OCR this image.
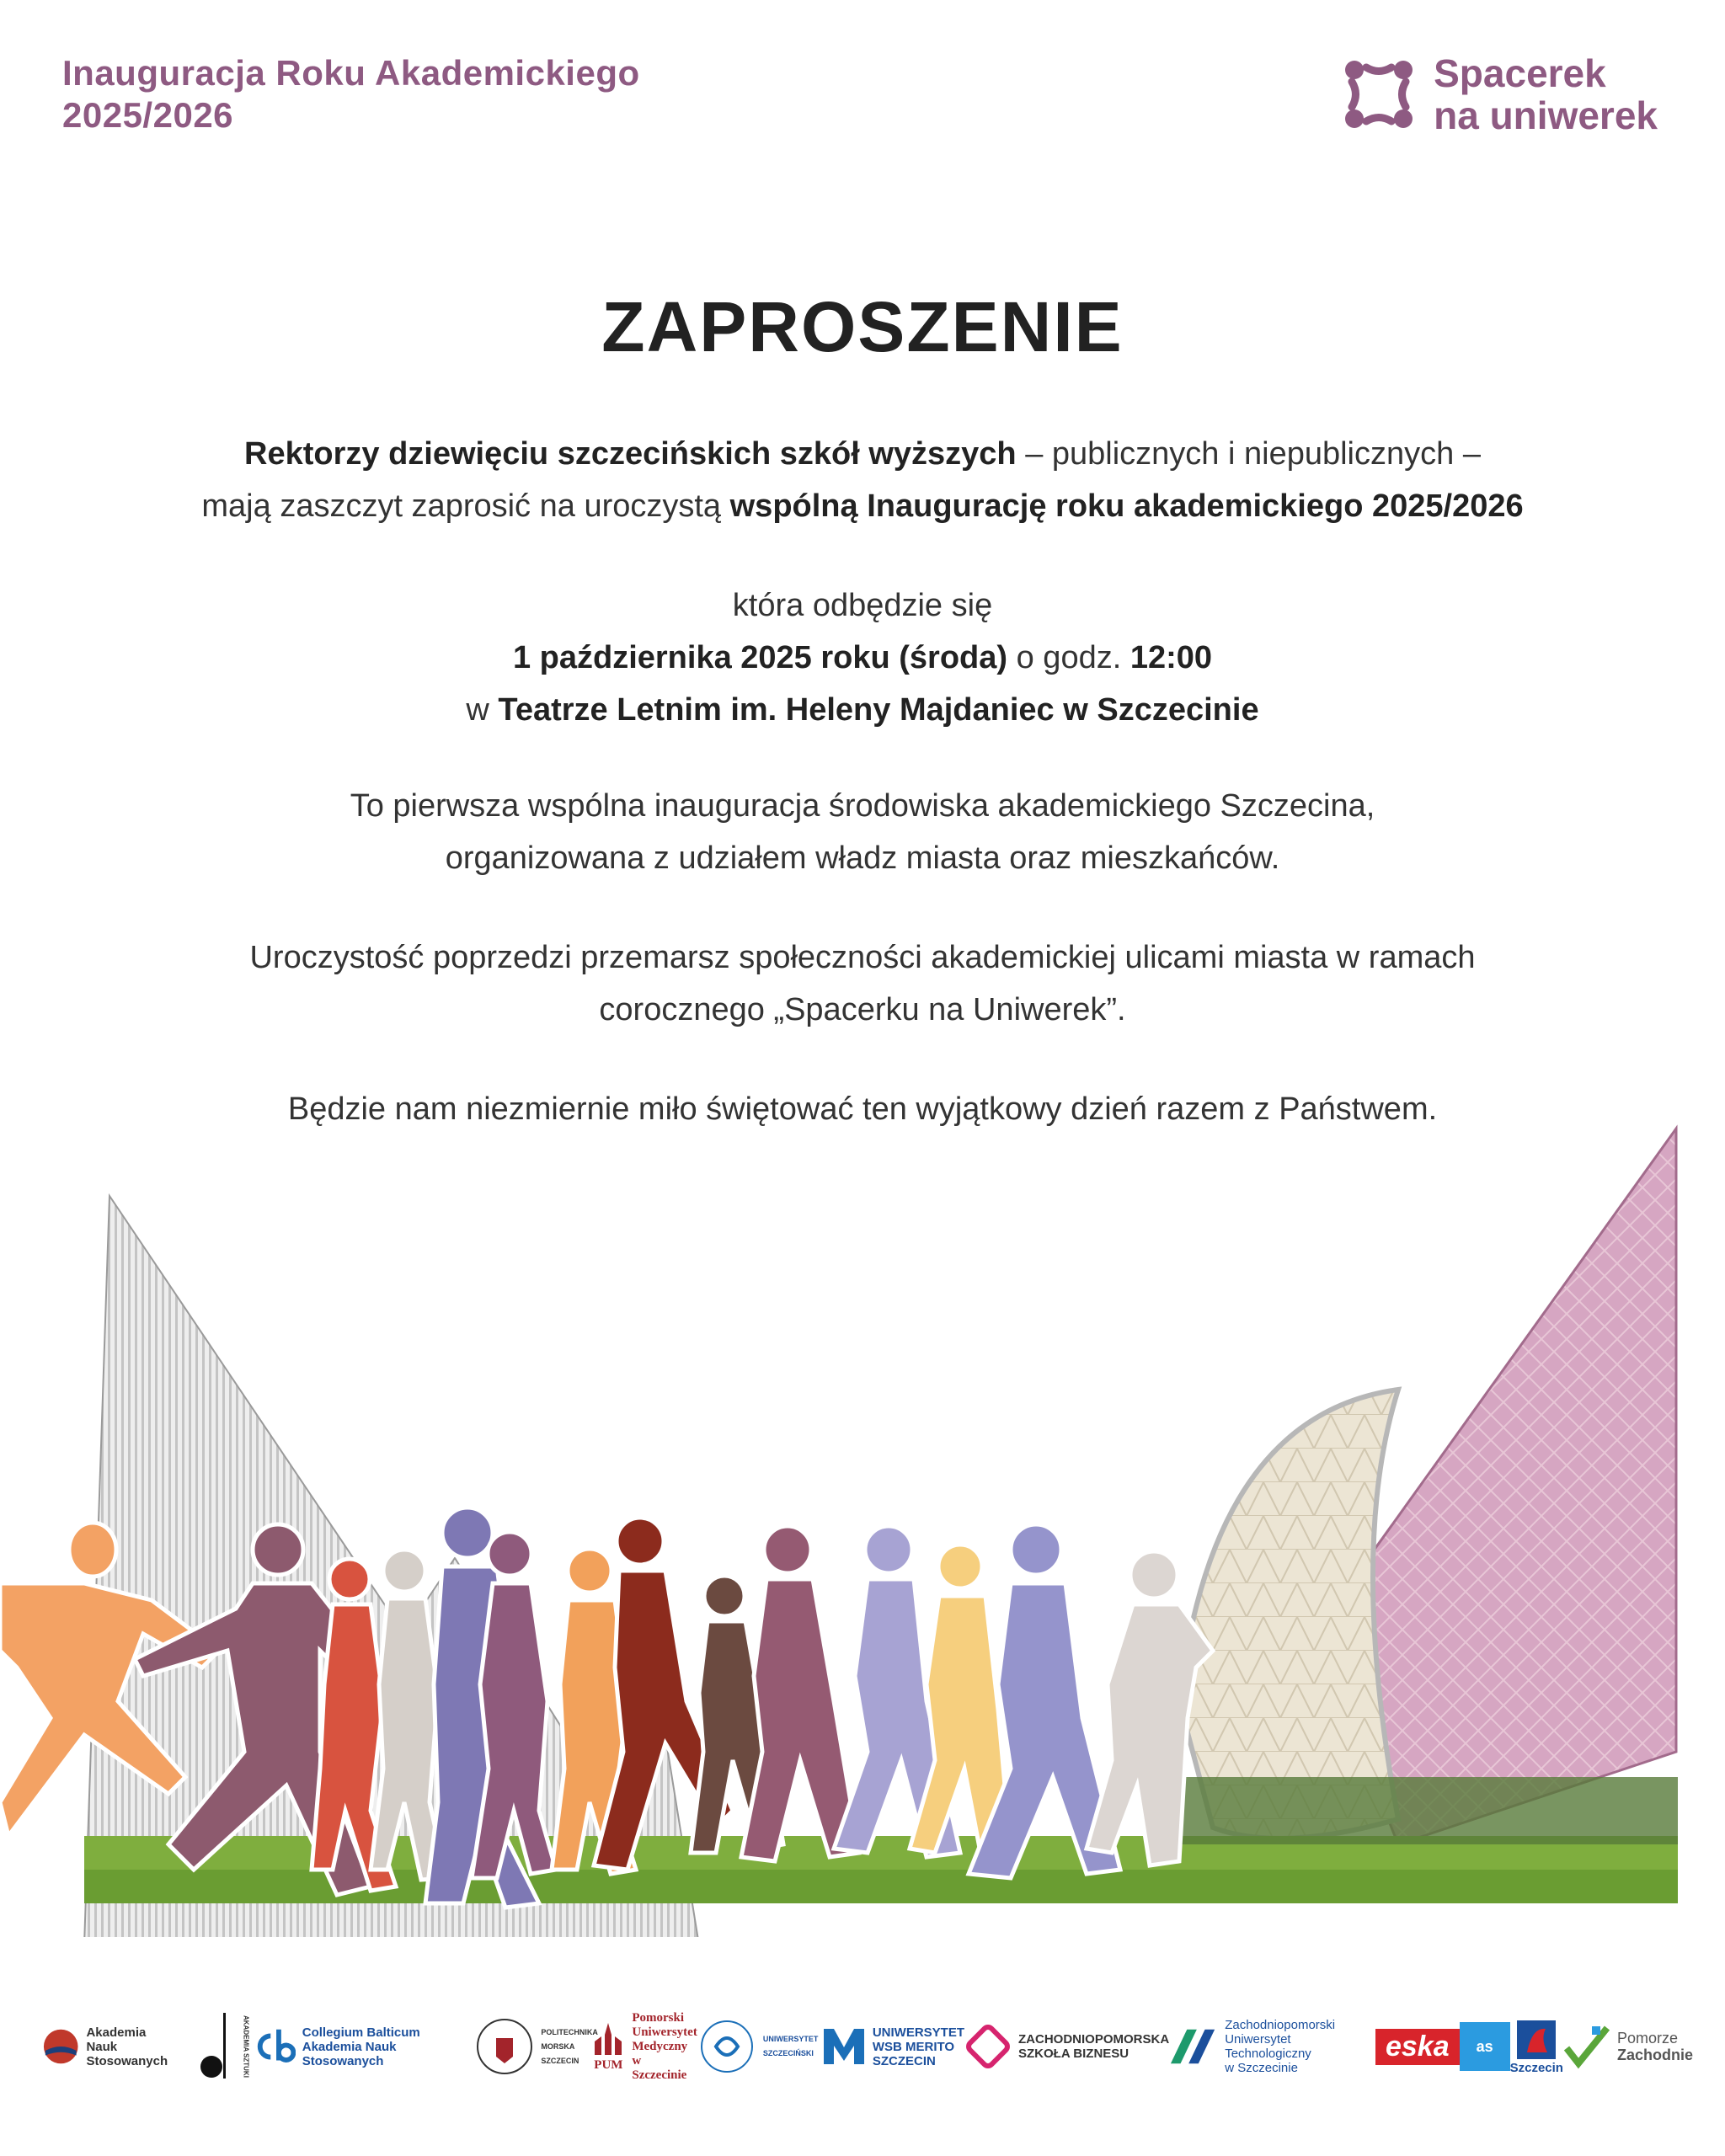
Inauguracja Roku Akademickiego
2025/2026
Spacerek
na uniwerek
ZAPROSZENIE
Rektorzy dziewięciu szczecińskich szkół wyższych – publicznych i niepublicznych –
mają zaszczyt zaprosić na uroczystą wspólną Inaugurację roku akademickiego 2025/2026
która odbędzie się
1 października 2025 roku (środa) o godz. 12:00
w Teatrze Letnim im. Heleny Majdaniec w Szczecinie
To pierwsza wspólna inauguracja środowiska akademickiego Szczecina,
organizowana z udziałem władz miasta oraz mieszkańców.
Uroczystość poprzedzi przemarsz społeczności akademickiej ulicami miasta w ramach
corocznego „Spacerku na Uniwerek”.
Będzie nam niezmiernie miło świętować ten wyjątkowy dzień razem z Państwem.
Akademia
Nauk Stosowanych	AKADEMIA SZTUKI	Collegium Balticum
Akademia Nauk Stosowanych
POLITECHNIKA MORSKA SZCZECIN	PUM
Pomorski
Uniwersytet
Medyczny
w Szczecinie
UNIWERSYTET SZCZECIŃSKI
UNIWERSYTET
WSB MERITO
SZCZECIN
ZACHODNIOPOMORSKA
SZKOŁA BIZNESU
Zachodniopomorski
Uniwersytet Technologiczny
w Szczecinie
eska	as
Szczecin
Pomorze
Zachodnie
